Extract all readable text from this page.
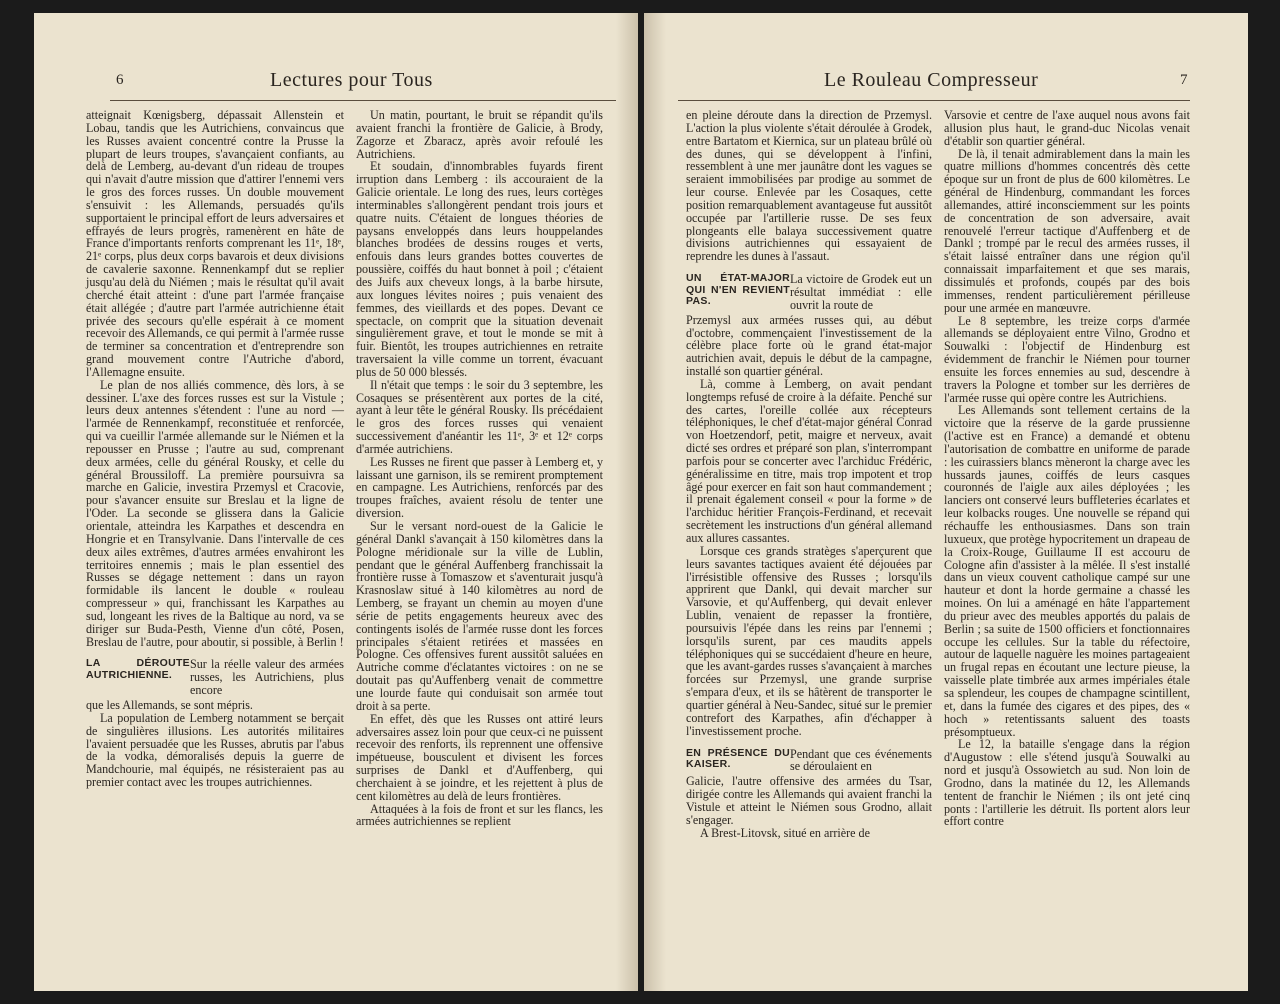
6	Lectures pour Tous

atteignait Kœnigsberg, dépassait Allenstein et Lobau, tandis que les Autrichiens, convaincus que les Russes avaient concentré contre la Prusse la plupart de leurs troupes, s'avançaient confiants, au delà de Lemberg, au-devant d'un rideau de troupes qui n'avait d'autre mission que d'attirer l'ennemi vers le gros des forces russes. Un double mouvement s'ensuivit : les Allemands, persuadés qu'ils supportaient le principal effort de leurs adversaires et effrayés de leurs progrès, ramenèrent en hâte de France d'importants renforts comprenant les 11ᵉ, 18ᵉ, 21ᵉ corps, plus deux corps bavarois et deux divisions de cavalerie saxonne. Rennenkampf dut se replier jusqu'au delà du Niémen ; mais le résultat qu'il avait cherché était atteint : d'une part l'armée française était allégée ; d'autre part l'armée autrichienne était privée des secours qu'elle espérait à ce moment recevoir des Allemands, ce qui permit à l'armée russe de terminer sa concentration et d'entreprendre son grand mouvement contre l'Autriche d'abord, l'Allemagne ensuite.

Le plan de nos alliés commence, dès lors, à se dessiner. L'axe des forces russes est sur la Vistule ; leurs deux antennes s'étendent : l'une au nord — l'armée de Rennenkampf, reconstituée et renforcée, qui va cueillir l'armée allemande sur le Niémen et la repousser en Prusse ; l'autre au sud, comprenant deux armées, celle du général Rousky, et celle du général Broussiloff. La première poursuivra sa marche en Galicie, investira Przemysl et Cracovie, pour s'avancer ensuite sur Breslau et la ligne de l'Oder. La seconde se glissera dans la Galicie orientale, atteindra les Karpathes et descendra en Hongrie et en Transylvanie. Dans l'intervalle de ces deux ailes extrêmes, d'autres armées envahiront les territoires ennemis ; mais le plan essentiel des Russes se dégage nettement : dans un rayon formidable ils lancent le double « rouleau compresseur » qui, franchissant les Karpathes au sud, longeant les rives de la Baltique au nord, va se diriger sur Buda-Pesth, Vienne d'un côté, Posen, Breslau de l'autre, pour aboutir, si possible, à Berlin !

LA DÉROUTE AUTRICHIENNE.
Sur la réelle valeur des armées russes, les Autrichiens, plus encore

que les Allemands, se sont mépris.

La population de Lemberg notamment se berçait de singulières illusions. Les autorités militaires l'avaient persuadée que les Russes, abrutis par l'abus de la vodka, démoralisés depuis la guerre de Mandchourie, mal équipés, ne résisteraient pas au premier contact avec les troupes autrichiennes.

Un matin, pourtant, le bruit se répandit qu'ils avaient franchi la frontière de Galicie, à Brody, Zagorze et Zbaracz, après avoir refoulé les Autrichiens.

Et soudain, d'innombrables fuyards firent irruption dans Lemberg : ils accouraient de la Galicie orientale. Le long des rues, leurs cortèges interminables s'allongèrent pendant trois jours et quatre nuits. C'étaient de longues théories de paysans enveloppés dans leurs houppelandes blanches brodées de dessins rouges et verts, enfouis dans leurs grandes bottes couvertes de poussière, coiffés du haut bonnet à poil ; c'étaient des Juifs aux cheveux longs, à la barbe hirsute, aux longues lévites noires ; puis venaient des femmes, des vieillards et des popes. Devant ce spectacle, on comprit que la situation devenait singulièrement grave, et tout le monde se mit à fuir. Bientôt, les troupes autrichiennes en retraite traversaient la ville comme un torrent, évacuant plus de 50 000 blessés.

Il n'était que temps : le soir du 3 septembre, les Cosaques se présentèrent aux portes de la cité, ayant à leur tête le général Rousky. Ils précédaient le gros des forces russes qui venaient successivement d'anéantir les 11ᵉ, 3ᵉ et 12ᵉ corps d'armée autrichiens.

Les Russes ne firent que passer à Lemberg et, y laissant une garnison, ils se remirent promptement en campagne. Les Autrichiens, renforcés par des troupes fraîches, avaient résolu de tenter une diversion.

Sur le versant nord-ouest de la Galicie le général Dankl s'avançait à 150 kilomètres dans la Pologne méridionale sur la ville de Lublin, pendant que le général Auffenberg franchissait la frontière russe à Tomaszow et s'aventurait jusqu'à Krasnoslaw situé à 140 kilomètres au nord de Lemberg, se frayant un chemin au moyen d'une série de petits engagements heureux avec des contingents isolés de l'armée russe dont les forces principales s'étaient retirées et massées en Pologne. Ces offensives furent aussitôt saluées en Autriche comme d'éclatantes victoires : on ne se doutait pas qu'Auffenberg venait de commettre une lourde faute qui conduisait son armée tout droit à sa perte.

En effet, dès que les Russes ont attiré leurs adversaires assez loin pour que ceux-ci ne puissent recevoir des renforts, ils reprennent une offensive impétueuse, bousculent et divisent les forces surprises de Dankl et d'Auffenberg, qui cherchaient à se joindre, et les rejettent à plus de cent kilomètres au delà de leurs frontières.

Attaquées à la fois de front et sur les flancs, les armées autrichiennes se replient

Le Rouleau Compresseur	7

en pleine déroute dans la direction de Przemysl. L'action la plus violente s'était déroulée à Grodek, entre Bartatom et Kiernica, sur un plateau brûlé où des dunes, qui se développent à l'infini, ressemblent à une mer jaunâtre dont les vagues se seraient immobilisées par prodige au sommet de leur course. Enlevée par les Cosaques, cette position remarquablement avantageuse fut aussitôt occupée par l'artillerie russe. De ses feux plongeants elle balaya successivement quatre divisions autrichiennes qui essayaient de reprendre les dunes à l'assaut.

UN ÉTAT-MAJOR QUI N'EN REVIENT PAS.
La victoire de Grodek eut un résultat immédiat : elle ouvrit la route de

Przemysl aux armées russes qui, au début d'octobre, commençaient l'investissement de la célèbre place forte où le grand état-major autrichien avait, depuis le début de la campagne, installé son quartier général.

Là, comme à Lemberg, on avait pendant longtemps refusé de croire à la défaite. Penché sur des cartes, l'oreille collée aux récepteurs téléphoniques, le chef d'état-major général Conrad von Hoetzendorf, petit, maigre et nerveux, avait dicté ses ordres et préparé son plan, s'interrompant parfois pour se concerter avec l'archiduc Frédéric, généralissime en titre, mais trop impotent et trop âgé pour exercer en fait son haut commandement ; il prenait également conseil « pour la forme » de l'archiduc héritier François-Ferdinand, et recevait secrètement les instructions d'un général allemand aux allures cassantes.

Lorsque ces grands stratèges s'aperçurent que leurs savantes tactiques avaient été déjouées par l'irrésistible offensive des Russes ; lorsqu'ils apprirent que Dankl, qui devait marcher sur Varsovie, et qu'Auffenberg, qui devait enlever Lublin, venaient de repasser la frontière, poursuivis l'épée dans les reins par l'ennemi ; lorsqu'ils surent, par ces maudits appels téléphoniques qui se succédaient d'heure en heure, que les avant-gardes russes s'avançaient à marches forcées sur Przemysl, une grande surprise s'empara d'eux, et ils se hâtèrent de transporter le quartier général à Neu-Sandec, situé sur le premier contrefort des Karpathes, afin d'échapper à l'investissement proche.

EN PRÉSENCE DU KAISER.
Pendant que ces événements se déroulaient en

Galicie, l'autre offensive des armées du Tsar, dirigée contre les Allemands qui avaient franchi la Vistule et atteint le Niémen sous Grodno, allait s'engager.

A Brest-Litovsk, situé en arrière de

Varsovie et centre de l'axe auquel nous avons fait allusion plus haut, le grand-duc Nicolas venait d'établir son quartier général.

De là, il tenait admirablement dans la main les quatre millions d'hommes concentrés dès cette époque sur un front de plus de 600 kilomètres. Le général de Hindenburg, commandant les forces allemandes, attiré inconsciemment sur les points de concentration de son adversaire, avait renouvelé l'erreur tactique d'Auffenberg et de Dankl ; trompé par le recul des armées russes, il s'était laissé entraîner dans une région qu'il connaissait imparfaitement et que ses marais, dissimulés et profonds, coupés par des bois immenses, rendent particulièrement périlleuse pour une armée en manœuvre.

Le 8 septembre, les treize corps d'armée allemands se déployaient entre Vilno, Grodno et Souwalki : l'objectif de Hindenburg est évidemment de franchir le Niémen pour tourner ensuite les forces ennemies au sud, descendre à travers la Pologne et tomber sur les derrières de l'armée russe qui opère contre les Autrichiens.

Les Allemands sont tellement certains de la victoire que la réserve de la garde prussienne (l'active est en France) a demandé et obtenu l'autorisation de combattre en uniforme de parade : les cuirassiers blancs mèneront la charge avec les hussards jaunes, coiffés de leurs casques couronnés de l'aigle aux ailes déployées ; les lanciers ont conservé leurs buffleteries écarlates et leur kolbacks rouges. Une nouvelle se répand qui réchauffe les enthousiasmes. Dans son train luxueux, que protège hypocritement un drapeau de la Croix-Rouge, Guillaume II est accouru de Cologne afin d'assister à la mêlée. Il s'est installé dans un vieux couvent catholique campé sur une hauteur et dont la horde germaine a chassé les moines. On lui a aménagé en hâte l'appartement du prieur avec des meubles apportés du palais de Berlin ; sa suite de 1500 officiers et fonctionnaires occupe les cellules. Sur la table du réfectoire, autour de laquelle naguère les moines partageaient un frugal repas en écoutant une lecture pieuse, la vaisselle plate timbrée aux armes impériales étale sa splendeur, les coupes de champagne scintillent, et, dans la fumée des cigares et des pipes, des « hoch » retentissants saluent des toasts présomptueux.

Le 12, la bataille s'engage dans la région d'Augustow : elle s'étend jusqu'à Souwalki au nord et jusqu'à Ossowietch au sud. Non loin de Grodno, dans la matinée du 12, les Allemands tentent de franchir le Niémen ; ils ont jeté cinq ponts : l'artillerie les détruit. Ils portent alors leur effort contre
